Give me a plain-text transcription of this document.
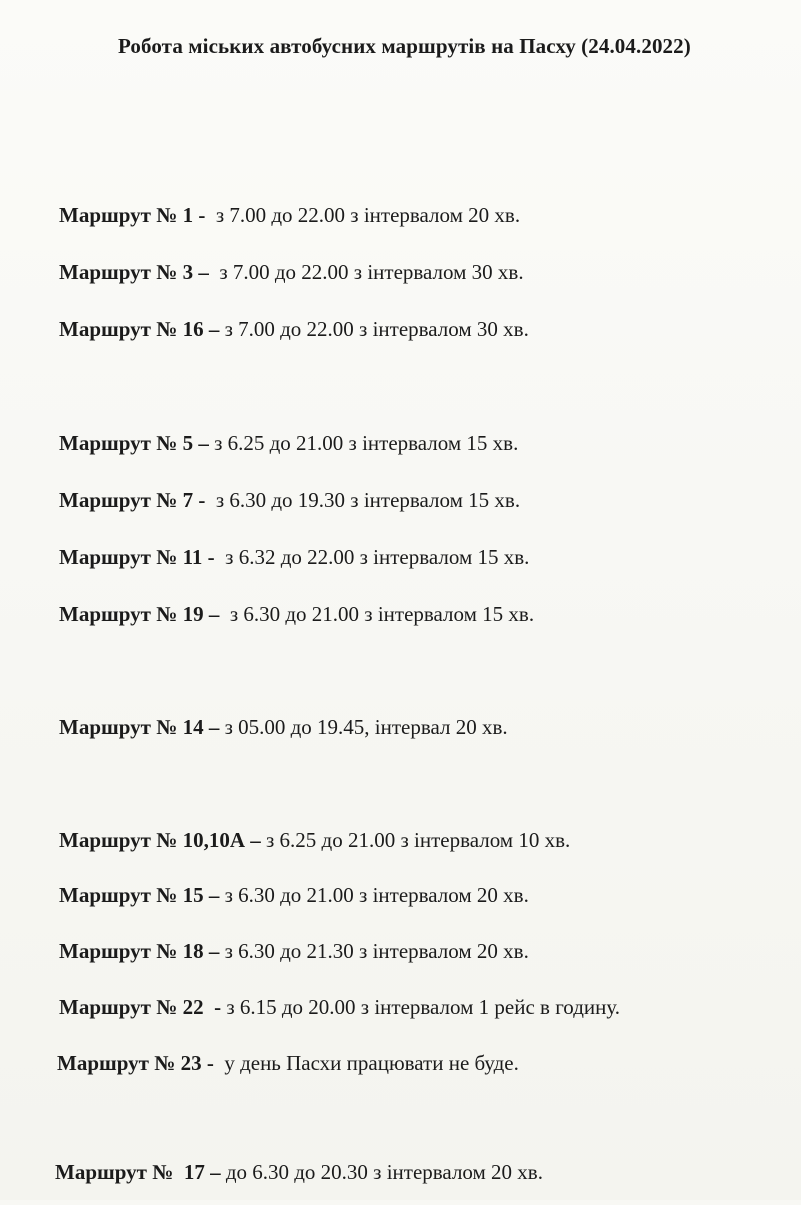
Робота міських автобусних маршрутів на Пасху (24.04.2022)

Маршрут № 1 -  з 7.00 до 22.00 з інтервалом 20 хв.

Маршрут № 3 –  з 7.00 до 22.00 з інтервалом 30 хв.

Маршрут № 16 – з 7.00 до 22.00 з інтервалом 30 хв.

Маршрут № 5 – з 6.25 до 21.00 з інтервалом 15 хв.

Маршрут № 7 -  з 6.30 до 19.30 з інтервалом 15 хв.

Маршрут № 11 -  з 6.32 до 22.00 з інтервалом 15 хв.

Маршрут № 19 –  з 6.30 до 21.00 з інтервалом 15 хв.

Маршрут № 14 – з 05.00 до 19.45, інтервал 20 хв.

Маршрут № 10,10А – з 6.25 до 21.00 з інтервалом 10 хв.

Маршрут № 15 – з 6.30 до 21.00 з інтервалом 20 хв.

Маршрут № 18 – з 6.30 до 21.30 з інтервалом 20 хв.

Маршрут № 22  - з 6.15 до 20.00 з інтервалом 1 рейс в годину.

Маршрут № 23 -  у день Пасхи працювати не буде.

Маршрут №  17 – до 6.30 до 20.30 з інтервалом 20 хв.
